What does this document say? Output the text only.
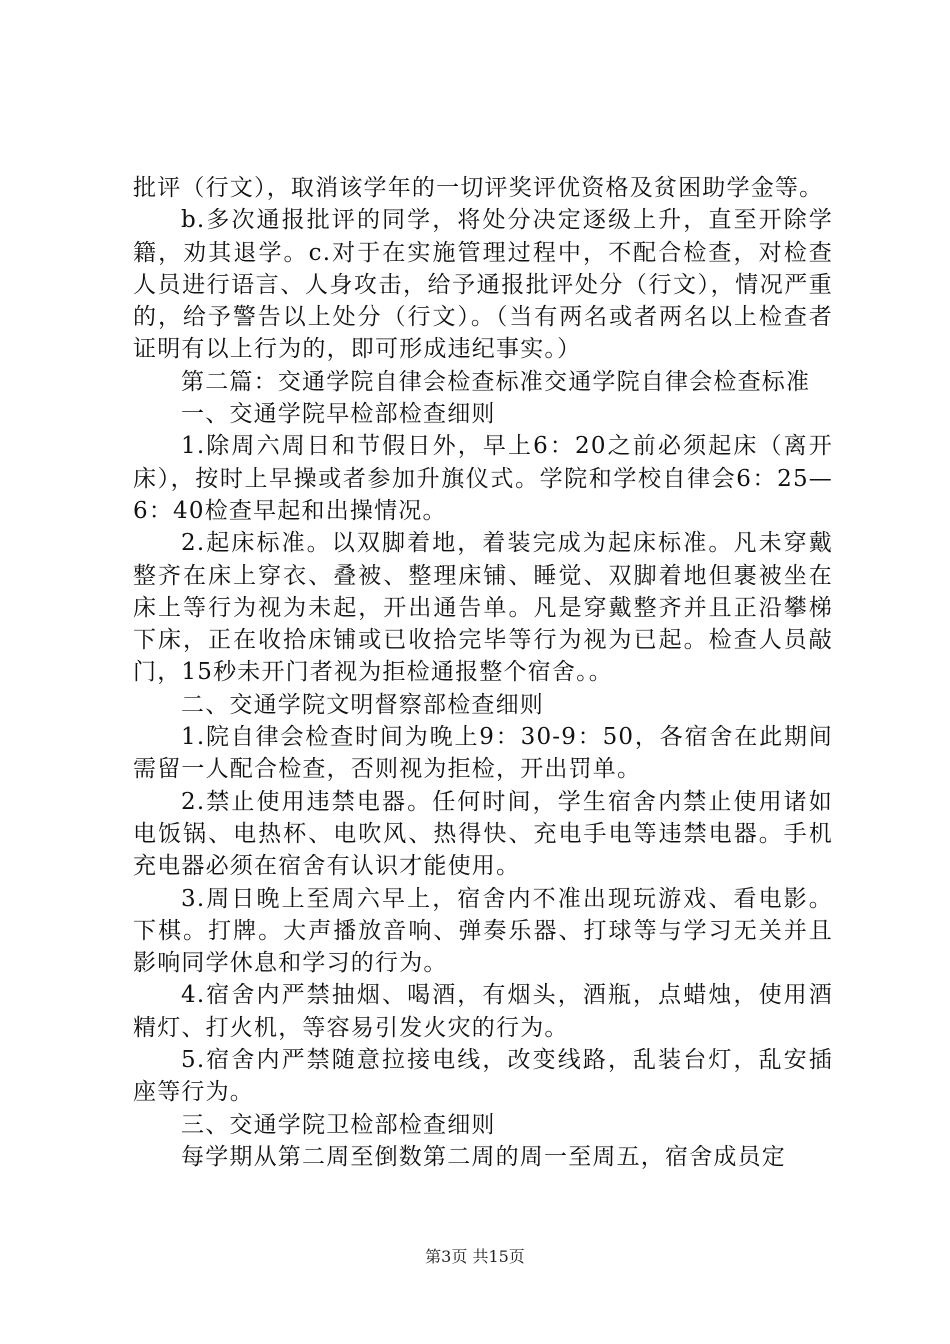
批评（行文），取消该学年的一切评奖评优资格及贫困助学金等。

b.多次通报批评的同学，将处分决定逐级上升，直至开除学籍，劝其退学。c.对于在实施管理过程中，不配合检查，对检查人员进行语言、人身攻击，给予通报批评处分（行文），情况严重的，给予警告以上处分（行文）。（当有两名或者两名以上检查者证明有以上行为的，即可形成违纪事实。）

第二篇：交通学院自律会检查标准交通学院自律会检查标准

一、交通学院早检部检查细则

1.除周六周日和节假日外，早上6：20之前必须起床（离开床），按时上早操或者参加升旗仪式。学院和学校自律会6：25—6：40检查早起和出操情况。

2.起床标准。以双脚着地，着装完成为起床标准。凡未穿戴整齐在床上穿衣、叠被、整理床铺、睡觉、双脚着地但裹被坐在床上等行为视为未起，开出通告单。凡是穿戴整齐并且正沿攀梯下床，正在收拾床铺或已收拾完毕等行为视为已起。检查人员敲门，15秒未开门者视为拒检通报整个宿舍。。

二、交通学院文明督察部检查细则

1.院自律会检查时间为晚上9：30-9：50，各宿舍在此期间需留一人配合检查，否则视为拒检，开出罚单。

2.禁止使用违禁电器。任何时间，学生宿舍内禁止使用诸如电饭锅、电热杯、电吹风、热得快、充电手电等违禁电器。手机充电器必须在宿舍有认识才能使用。

3.周日晚上至周六早上，宿舍内不准出现玩游戏、看电影。下棋。打牌。大声播放音响、弹奏乐器、打球等与学习无关并且影响同学休息和学习的行为。

4.宿舍内严禁抽烟、喝酒，有烟头，酒瓶，点蜡烛，使用酒精灯、打火机，等容易引发火灾的行为。

5.宿舍内严禁随意拉接电线，改变线路，乱装台灯，乱安插座等行为。

三、交通学院卫检部检查细则

每学期从第二周至倒数第二周的周一至周五，宿舍成员定

第3页 共15页
